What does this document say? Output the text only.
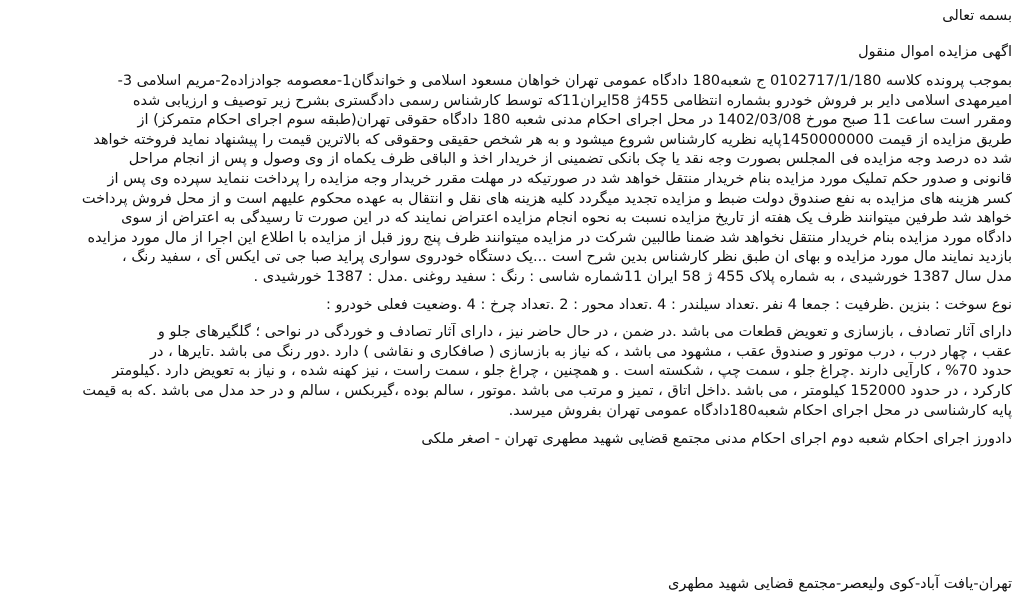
بسمه تعالی
اگهی مزایده اموال منقول
بموجب پرونده کلاسه 0102717/1/180 ج شعبه180 دادگاه عمومی تهران خواهان مسعود اسلامی و خواندگان1-معصومه جوادزاده2-مریم اسلامی 3-
امیرمهدی اسلامی دایر بر فروش خودرو بشماره انتظامی 455ژ 58ایران11که توسط کارشناس رسمی دادگستری بشرح زیر توصیف و ارزیابی شده
ومقرر است ساعت 11 صبح مورخ 1402/03/08 در محل اجرای احکام مدنی شعبه 180 دادگاه حقوقی تهران(طبقه سوم اجرای احکام متمرکز) از
طریق مزایده از قیمت 1450000000پایه نظریه کارشناس شروع میشود و به هر شخص حقیقی وحقوقی که بالاترین قیمت را پیشنهاد نماید فروخته خواهد
شد ده درصد وجه مزایده فی المجلس بصورت وجه نقد یا چک بانکی تضمینی از خریدار اخذ و الباقی ظرف یکماه از وی وصول و پس از انجام مراحل
قانونی و صدور حکم تملیک مورد مزایده بنام خریدار منتقل خواهد شد در صورتیکه در مهلت مقرر خریدار وجه مزایده را پرداخت ننماید سپرده وی پس از
کسر هزینه های مزایده به نفع صندوق دولت ضبط و مزایده تجدید میگردد کلیه هزینه های نقل و انتقال به عهده محکوم علیهم است و از محل فروش پرداخت
خواهد شد طرفین میتوانند ظرف یک هفته از تاریخ مزایده نسبت به نحوه انجام مزایده اعتراض نمایند که در این صورت تا رسیدگی به اعتراض از سوی
دادگاه مورد مزایده بنام خریدار منتقل نخواهد شد ضمنا طالبین شرکت در مزایده میتوانند ظرف پنج روز قبل از مزایده با اطلاع این اجرا از مال مورد مزایده
بازدید نمایند مال مورد مزایده و بهای ان طبق نظر کارشناس بدین شرح است ...یک دستگاه خودروی سواری پراید صبا جی تی ایکس آی ، سفید رنگ ،
مدل سال 1387 خورشیدی ، به شماره پلاک 455 ژ 58 ایران 11شماره شاسی : رنگ : سفید روغنی .مدل : 1387 خورشیدی .
نوع سوخت : بنزین .ظرفیت : جمعا 4 نفر .تعداد سیلندر : 4 .تعداد محور : 2 .تعداد چرخ : 4 .وضعیت فعلی خودرو :
دارای آثار تصادف ، بازسازی و تعویض قطعات می باشد .در ضمن ، در حال حاضر نیز ، دارای آثار تصادف و خوردگی در نواحی ؛ گلگیرهای جلو و
عقب ، چهار درب ، درب موتور و صندوق عقب ، مشهود می باشد ، که نیاز به بازسازی ( صافکاری و نقاشی ) دارد .دور رنگ می باشد .تایرها ، در
حدود 70% ، کارآیی دارند .چراغ جلو ، سمت چپ ، شکسته است . و همچنین ، چراغ جلو ، سمت راست ، نیز کهنه شده ، و نیاز به تعویض دارد .کیلومتر
کارکرد ، در حدود 152000 کیلومتر ، می باشد .داخل اتاق ، تمیز و مرتب می باشد .موتور ، سالم بوده ،گیربکس ، سالم و در حد مدل می باشد .که به قیمت
پایه کارشناسی در محل اجرای احکام شعبه180دادگاه عمومی تهران بفروش میرسد.
دادورز اجرای احکام شعبه دوم اجرای احکام مدنی مجتمع قضایی شهید مطهری تهران - اصغر ملکی
تهران-یافت آباد-کوی ولیعصر-مجتمع قضایی شهید مطهری
